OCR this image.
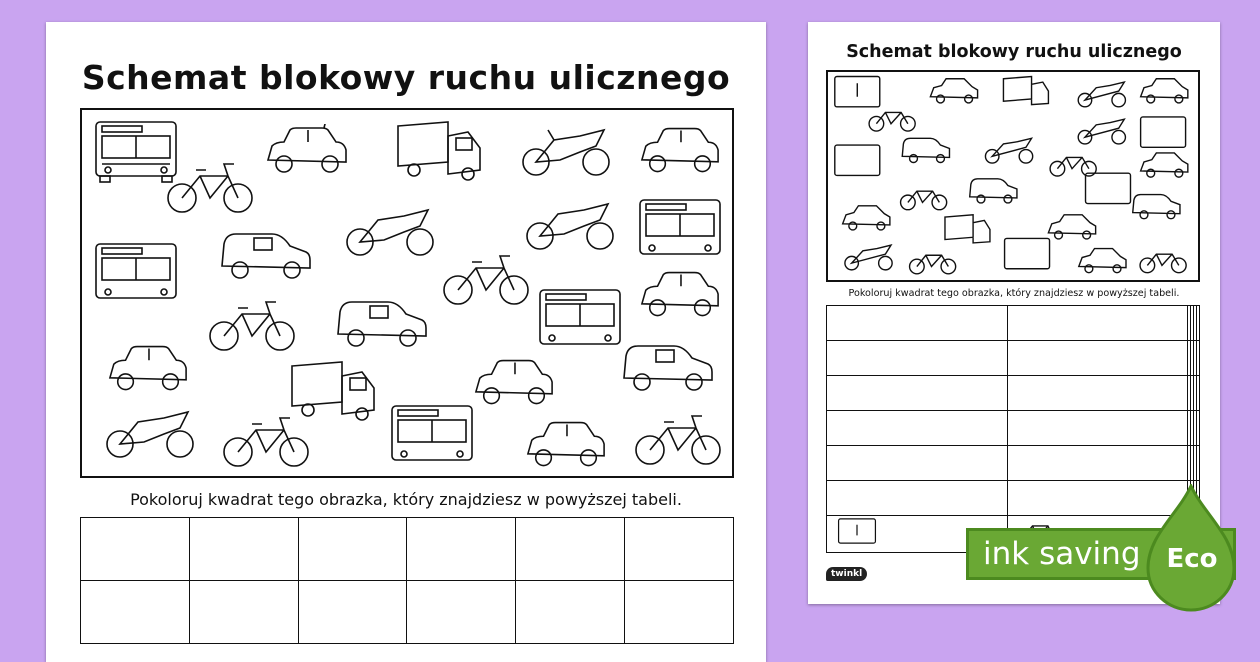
Schemat blokowy ruchu ulicznego
Pokoloruj kwadrat tego obrazka, który znajdziesz w powyższej tabeli.

Schemat blokowy ruchu ulicznego
Pokoloruj kwadrat tego obrazka, który znajdziesz w powyższej tabeli.

twinkl
ink saving Eco
